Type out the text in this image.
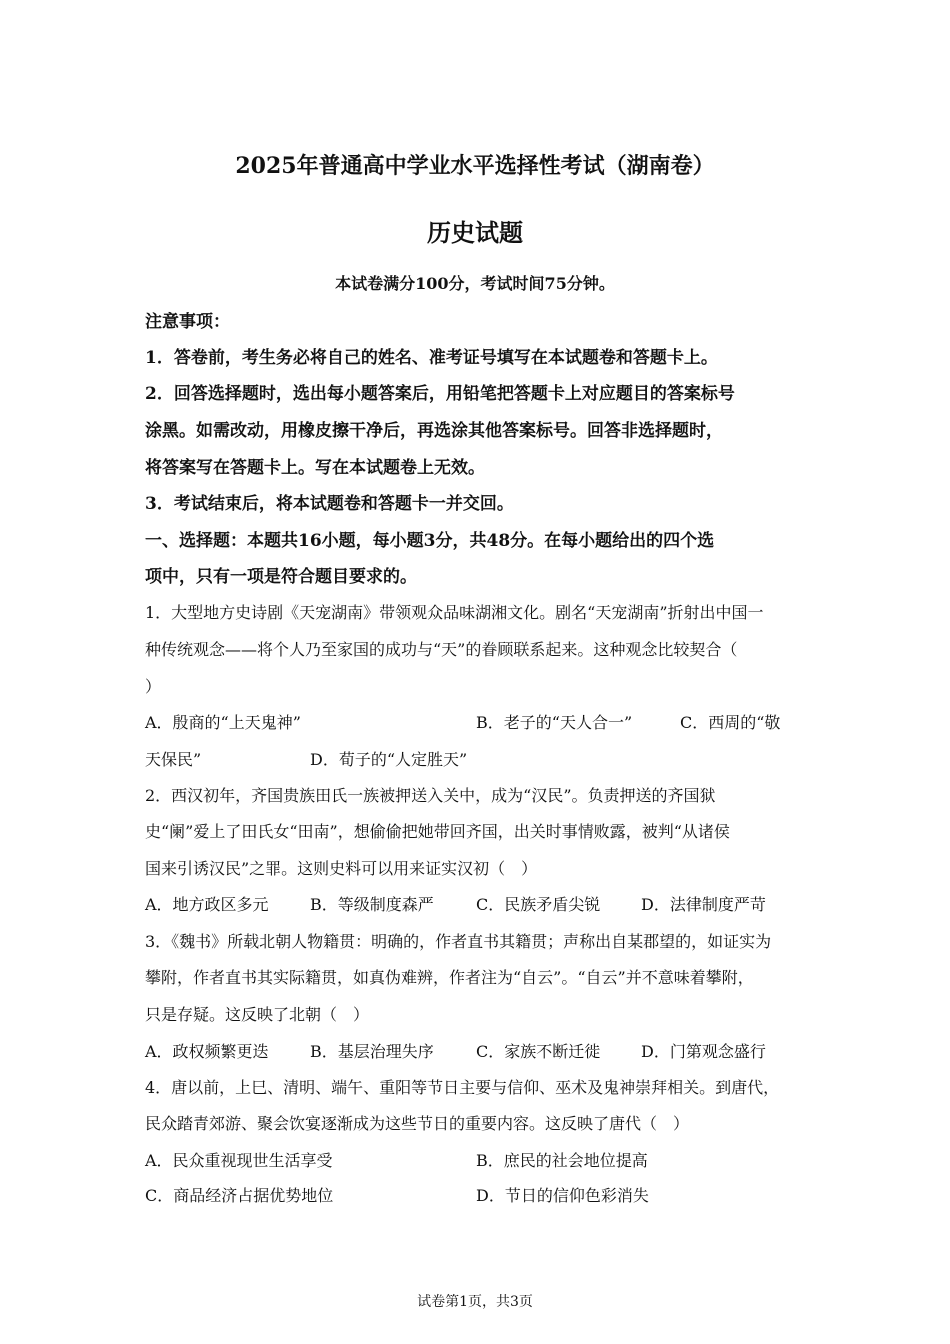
2025年普通高中学业水平选择性考试（湖南卷）
历史试题
本试卷满分100分，考试时间75分钟。
注意事项：
1．答卷前，考生务必将自己的姓名、准考证号填写在本试题卷和答题卡上。
2．回答选择题时，选出每小题答案后，用铅笔把答题卡上对应题目的答案标号
涂黑。如需改动，用橡皮擦干净后，再选涂其他答案标号。回答非选择题时，
将答案写在答题卡上。写在本试题卷上无效。
3．考试结束后，将本试题卷和答题卡一并交回。
一、选择题：本题共16小题，每小题3分，共48分。在每小题给出的四个选
项中，只有一项是符合题目要求的。
1．大型地方史诗剧《天宠湖南》带领观众品味湖湘文化。剧名“天宠湖南”折射出中国一
种传统观念——将个人乃至家国的成功与“天”的眷顾联系起来。这种观念比较契合（
）
A．殷商的“上天鬼神”	B．老子的“天人合一”	C．西周的“敬
天保民”	D．荀子的“人定胜天”
2．西汉初年，齐国贵族田氏一族被押送入关中，成为“汉民”。负责押送的齐国狱
史“阑”爱上了田氏女“田南”，想偷偷把她带回齐国，出关时事情败露，被判“从诸侯
国来引诱汉民”之罪。这则史料可以用来证实汉初（　）
A．地方政区多元	B．等级制度森严	C．民族矛盾尖锐	D．法律制度严苛
3．《魏书》所载北朝人物籍贯：明确的，作者直书其籍贯；声称出自某郡望的，如证实为
攀附，作者直书其实际籍贯，如真伪难辨，作者注为“自云”。“自云”并不意味着攀附，
只是存疑。这反映了北朝（　）
A．政权频繁更迭	B．基层治理失序	C．家族不断迁徙	D．门第观念盛行
4．唐以前，上巳、清明、端午、重阳等节日主要与信仰、巫术及鬼神崇拜相关。到唐代，
民众踏青郊游、聚会饮宴逐渐成为这些节日的重要内容。这反映了唐代（　）
A．民众重视现世生活享受	B．庶民的社会地位提高
C．商品经济占据优势地位	D．节日的信仰色彩消失
试卷第1页，共3页
